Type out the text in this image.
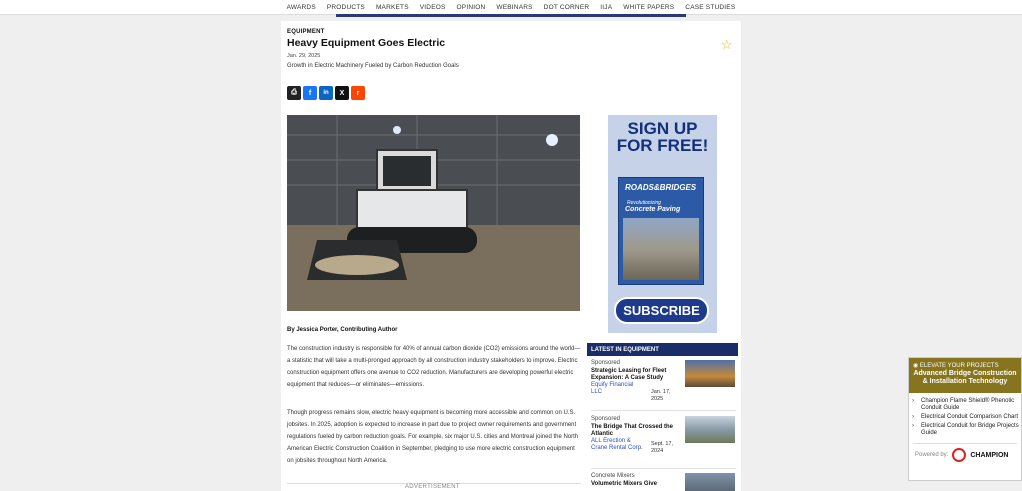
AWARDS PRODUCTS MARKETS VIDEOS OPINION WEBINARS DOT CORNER IIJA WHITE PAPERS CASE STUDIES
EQUIPMENT
Heavy Equipment Goes Electric
Jan. 29, 2025
Growth in Electric Machinery Fueled by Carbon Reduction Goals
☆
⎙	f	in	X	r
By Jessica Porter, Contributing Author
The construction industry is responsible for 40% of annual carbon dioxide (CO2) emissions around the world—a statistic that will take a multi-pronged approach by all construction industry stakeholders to improve. Electric construction equipment offers one avenue to CO2 reduction. Manufacturers are developing powerful electric equipment that reduces—or eliminates—emissions.
Though progress remains slow, electric heavy equipment is becoming more accessible and common on U.S. jobsites. In 2025, adoption is expected to increase in part due to project owner requirements and government regulations fueled by carbon reduction goals. For example, six major U.S. cities and Montreal joined the North American Electric Construction Coalition in September, pledging to use more electric construction equipment on jobsites throughout North America.
ADVERTISEMENT
SIGN UP
FOR FREE!
ROADS&BRIDGES
Revolutionizing
Concrete Paving
SUBSCRIBE
LATEST IN EQUIPMENT
Sponsored
Strategic Leasing for Fleet Expansion: A Case Study
Equify Financial LLC	Jan. 17, 2025
Sponsored
The Bridge That Crossed the Atlantic
ALL Erection & Crane Rental Corp.
Sept. 17, 2024
Concrete Mixers
Volumetric Mixers Give
◉ ELEVATE YOUR PROJECTS
Advanced Bridge Construction & Installation Technology
› Champion Flame Shield® Phenolic Conduit Guide
› Electrical Conduit Comparison Chart
› Electrical Conduit for Bridge Projects Guide
Powered by:	CHAMPION
